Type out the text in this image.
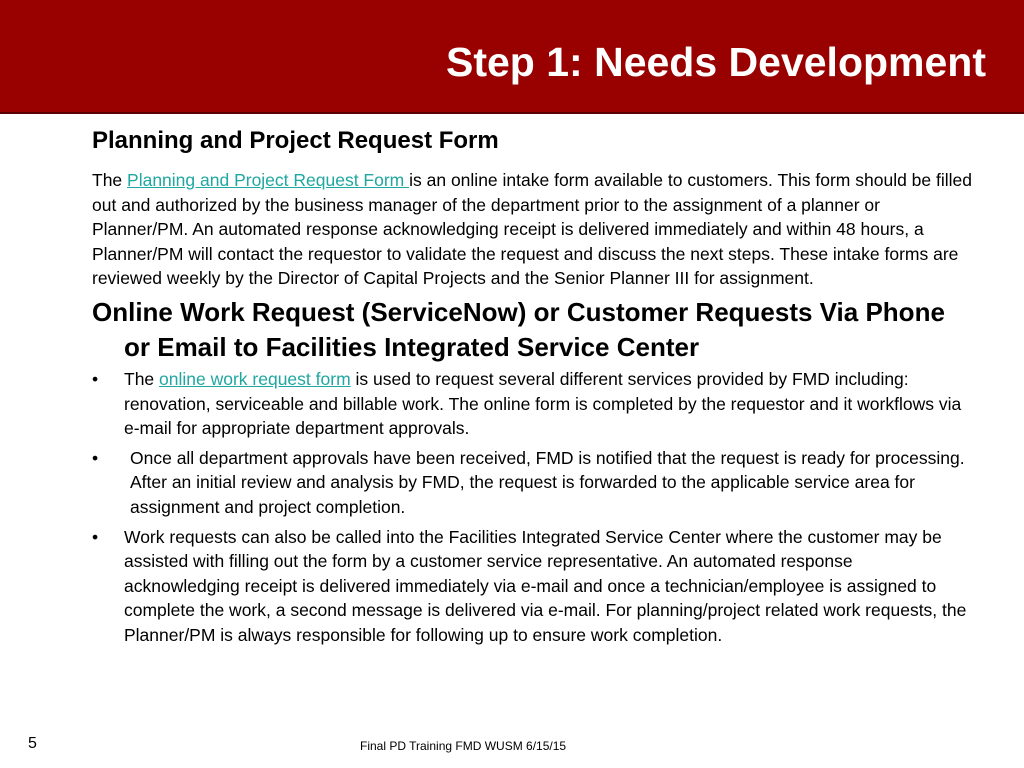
Step 1: Needs Development
Planning and Project Request Form

The Planning and Project Request Form is an online intake form available to customers. This form should be filled out and authorized by the business manager of the department prior to the assignment of a planner or Planner/PM. An automated response acknowledging receipt is delivered immediately and within 48 hours, a Planner/PM will contact the requestor to validate the request and discuss the next steps. These intake forms are reviewed weekly by the Director of Capital Projects and the Senior Planner III for assignment.

Online Work Request (ServiceNow) or Customer Requests Via Phone or Email to Facilities Integrated Service Center
• The online work request form is used to request several different services provided by FMD including: renovation, serviceable and billable work. The online form is completed by the requestor and it workflows via e-mail for appropriate department approvals.
•	Once all department approvals have been received, FMD is notified that the request is ready for processing. After an initial review and analysis by FMD, the request is forwarded to the applicable service area for assignment and project completion.
• Work requests can also be called into the Facilities Integrated Service Center where the customer may be assisted with filling out the form by a customer service representative. An automated response acknowledging receipt is delivered immediately via e-mail and once a technician/employee is assigned to complete the work, a second message is delivered via e-mail. For planning/project related work requests, the Planner/PM is always responsible for following up to ensure work completion.
5	Final PD Training FMD WUSM 6/15/15
